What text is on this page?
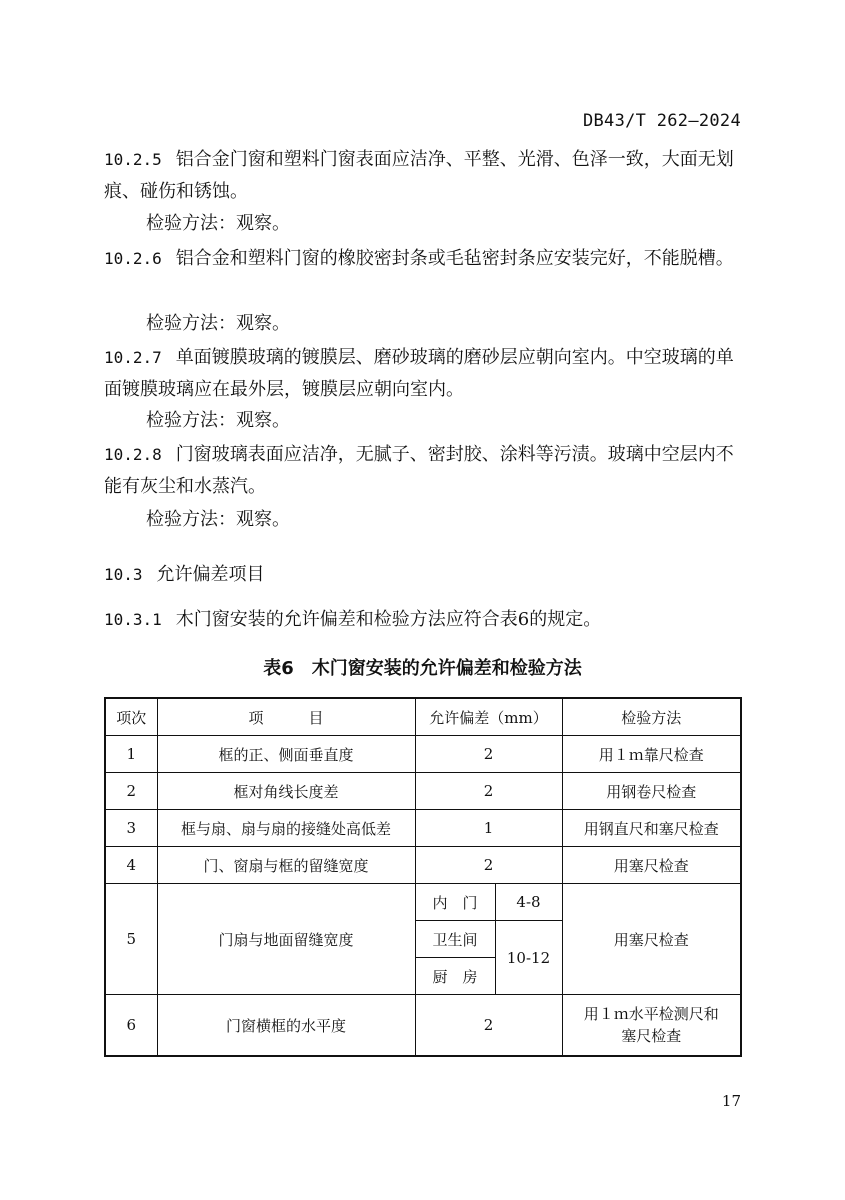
DB43/T 262—2024
10.2.5 铝合金门窗和塑料门窗表面应洁净、平整、光滑、色泽一致，大面无划痕、碰伤和锈蚀。
检验方法：观察。
10.2.6 铝合金和塑料门窗的橡胶密封条或毛毡密封条应安装完好，不能脱槽。
检验方法：观察。
10.2.7 单面镀膜玻璃的镀膜层、磨砂玻璃的磨砂层应朝向室内。中空玻璃的单面镀膜玻璃应在最外层，镀膜层应朝向室内。
检验方法：观察。
10.2.8 门窗玻璃表面应洁净，无腻子、密封胶、涂料等污渍。玻璃中空层内不能有灰尘和水蒸汽。
检验方法：观察。
10.3 允许偏差项目
10.3.1 木门窗安装的允许偏差和检验方法应符合表6的规定。
表6　木门窗安装的允许偏差和检验方法
项次	项　　　目	允许偏差（mm）		检验方法
1	框的正、侧面垂直度	2		用１ｍ靠尺检查
2	框对角线长度差	2		用钢卷尺检查
3	框与扇、扇与扇的接缝处高低差	1		用钢直尺和塞尺检查
4	门、窗扇与框的留缝宽度	2		用塞尺检查
5	门扇与地面留缝宽度	内　门	4-8	用塞尺检查
		卫生间	10-12	
		厨　房		
6	门窗横框的水平度	2		用１ｍ水平检测尺和
塞尺检查
17
